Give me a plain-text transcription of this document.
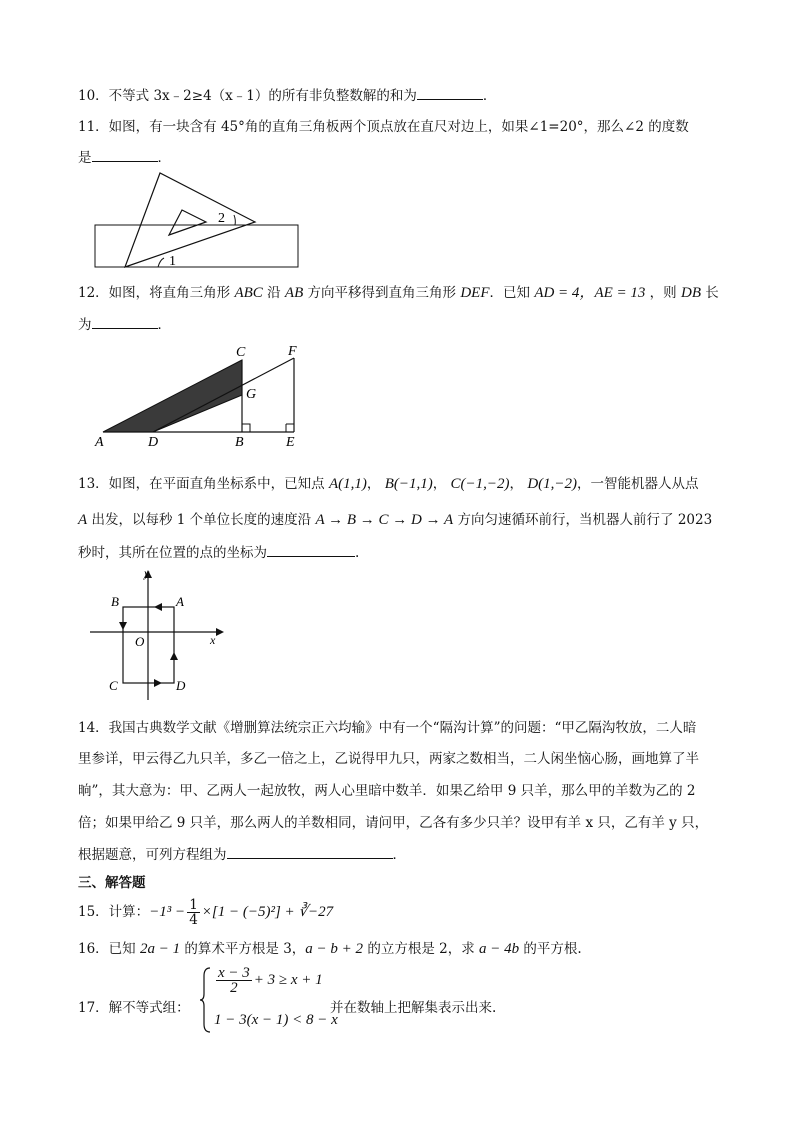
10．不等式 3x﹣2≥4（x﹣1）的所有非负整数解的和为	．
11．如图，有一块含有 45°角的直角三角板两个顶点放在直尺对边上，如果∠1=20°，那么∠2 的度数
是	．
1
2
12．如图，将直角三角形 ABC 沿 AB 方向平移得到直角三角形 DEF．已知 AD = 4，AE = 13 ，则 DB 长
为	．
A	D	B	E
C	F
G
13．如图，在平面直角坐标系中，已知点 A(1,1)， B(−1,1)， C(−1,−2)， D(1,−2)，一智能机器人从点
A 出发，以每秒 1 个单位长度的速度沿 A → B → C → D → A 方向匀速循环前行，当机器人前行了 2023
秒时，其所在位置的点的坐标为	.
y
x
O
A
B
C	D
14．我国古典数学文献《增删算法统宗正六均输》中有一个“隔沟计算”的问题：“甲乙隔沟牧放，二人暗
里参详，甲云得乙九只羊，多乙一倍之上，乙说得甲九只，两家之数相当，二人闲坐恼心肠，画地算了半
晌”，其大意为：甲、乙两人一起放牧，两人心里暗中数羊．如果乙给甲 9 只羊，那么甲的羊数为乙的 2
倍；如果甲给乙 9 只羊，那么两人的羊数相同，请问甲，乙各有多少只羊？设甲有羊 x 只，乙有羊 y 只，
根据题意，可列方程组为	．
三、解答题
15．计算：$-1^3 - \frac{1}{4} \times[1 - (-5)^2]$ + ∛−27
16．已知 2a − 1 的算术平方根是 3，a − b + 2 的立方根是 2，求 a − 4b 的平方根.
17．解不等式组：
$\frac{x - 3}{2} + 3 \ge x + 1$
1 − 3(x − 1) < 8 − x
并在数轴上把解集表示出来.
